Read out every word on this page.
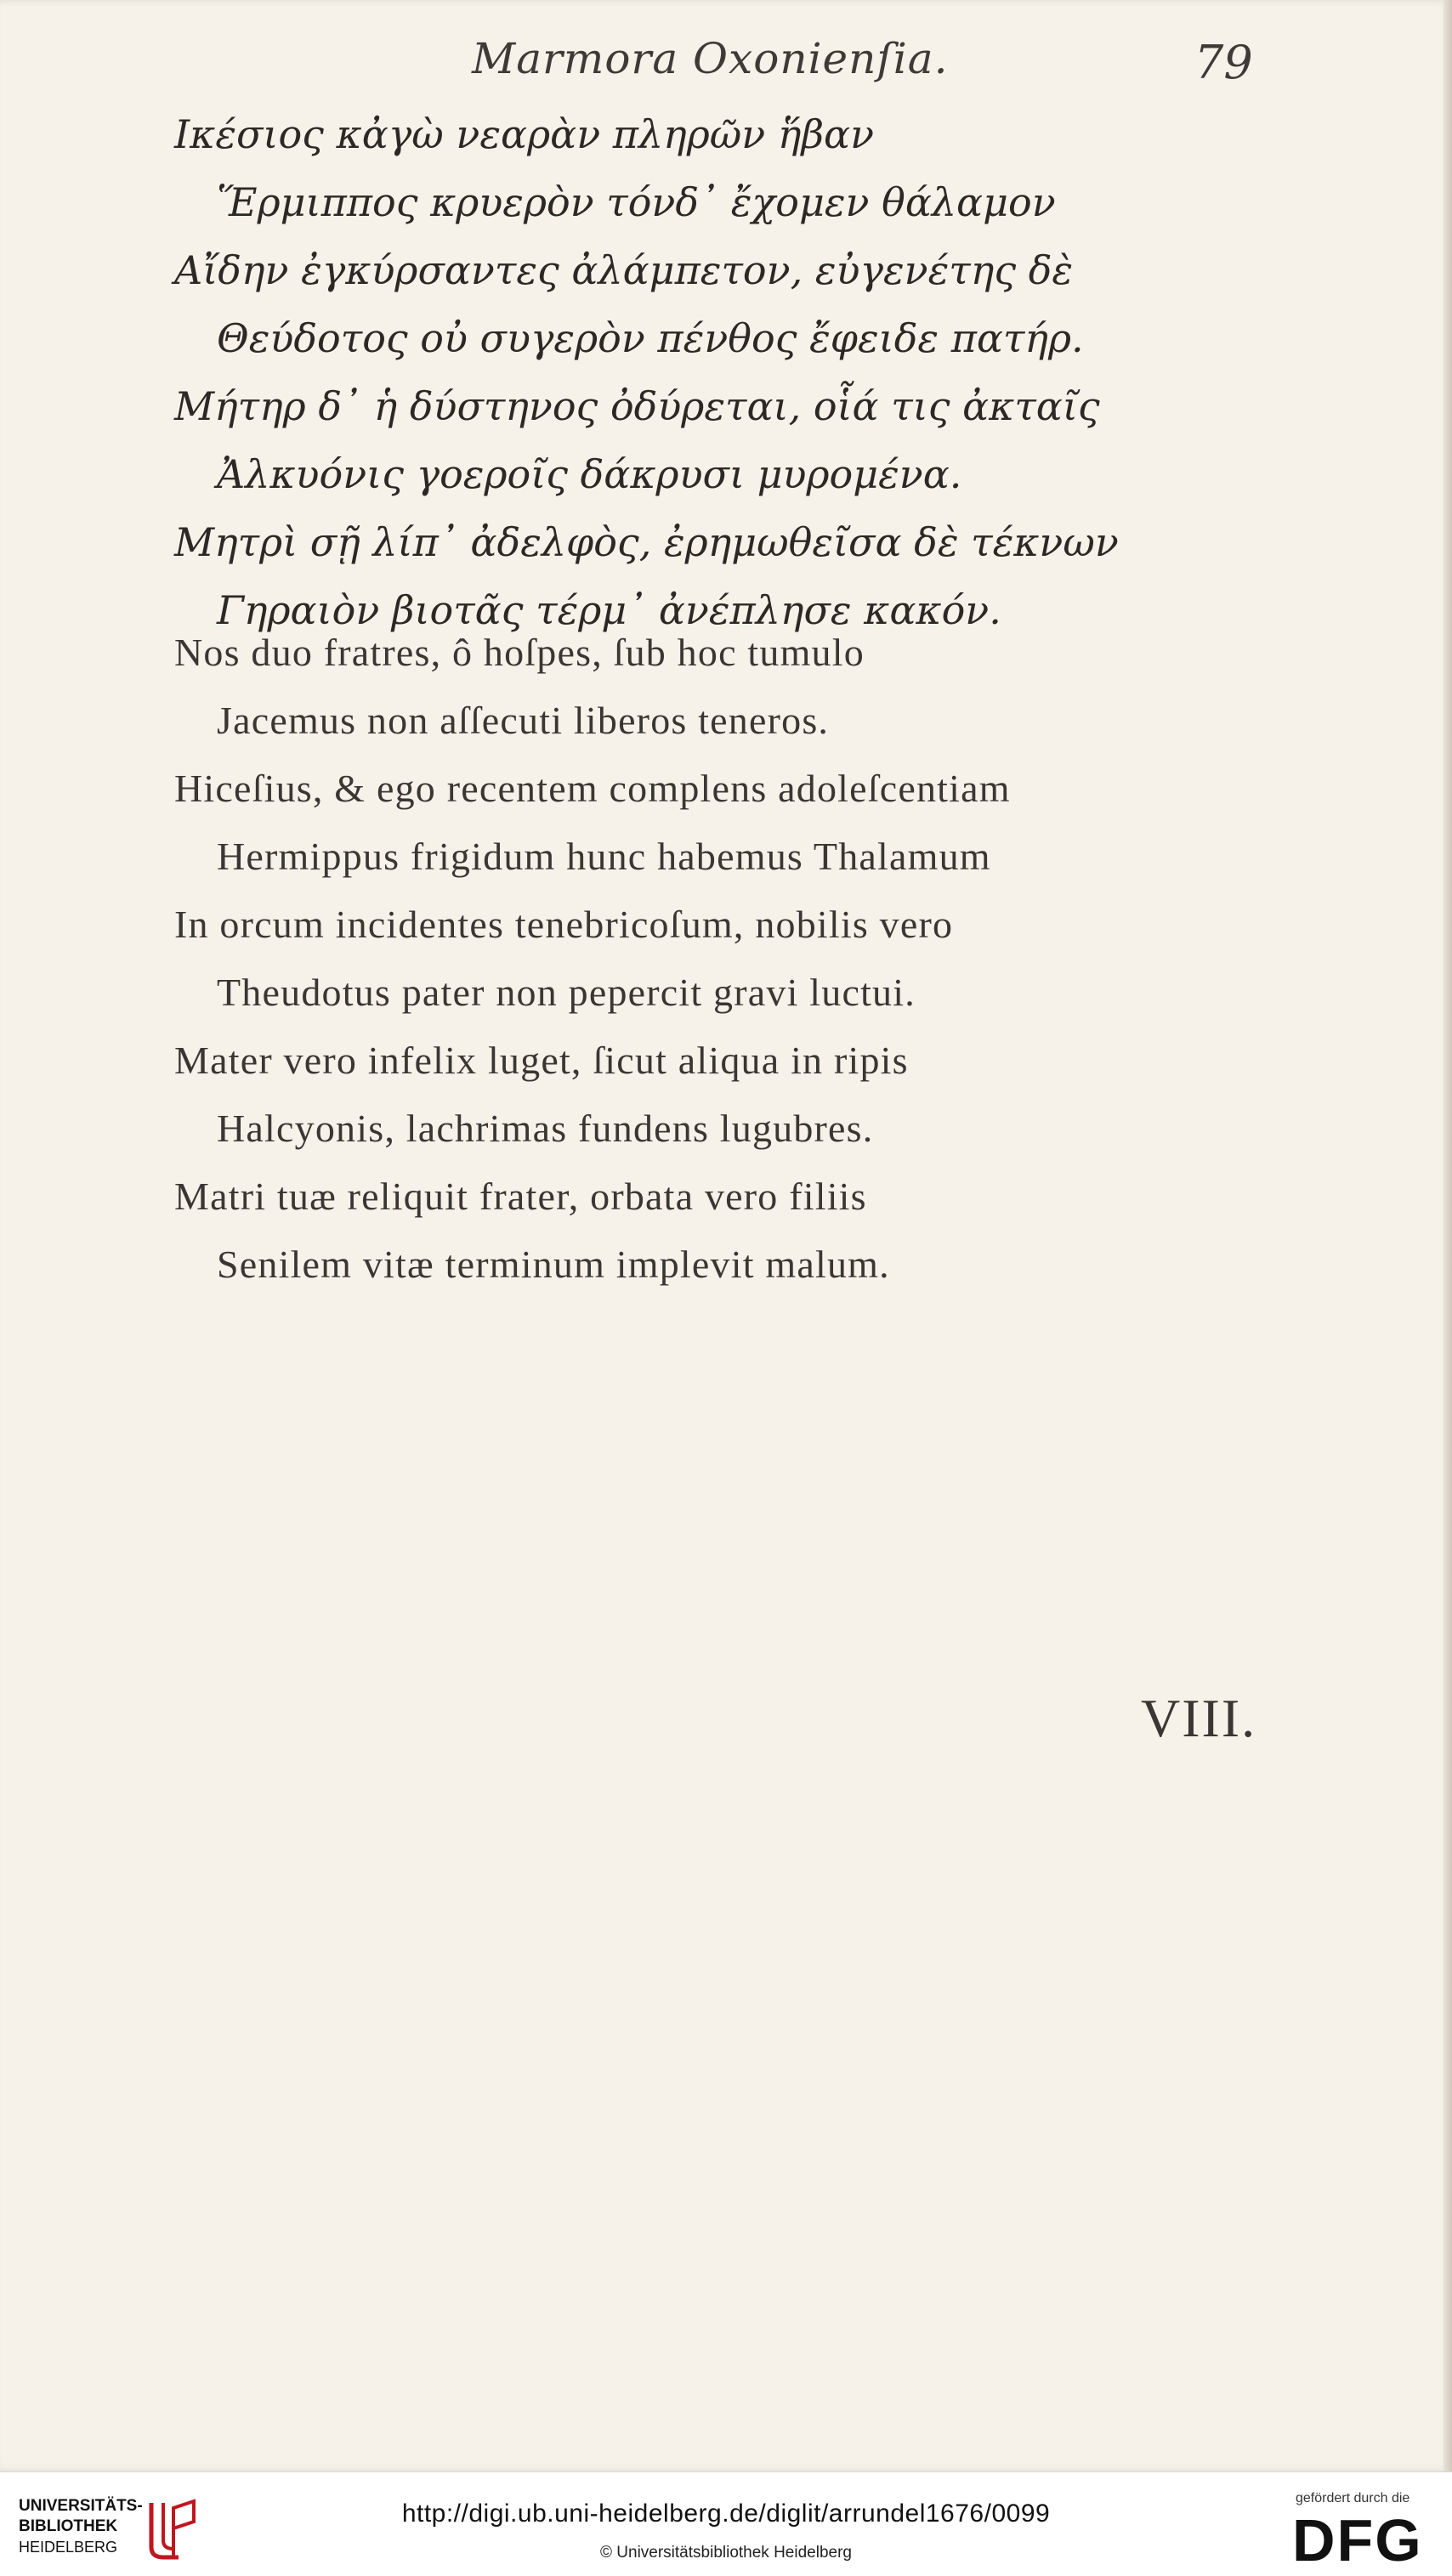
Marmora Oxonienſia.	79
Ικέσιος κἀγὼ νεαρὰν πληρῶν ἥβαν
Ἕρμιππος κρυερὸν τόνδ᾽ ἔχομεν θάλαμον
Αἴδην ἐγκύρσαντες ἀλάμπετον, εὐγενέτης δὲ
Θεύδοτος οὐ συγερὸν πένθος ἔφειδε πατήρ.
Μήτηρ δ᾽ ἡ δύστηνος ὀδύρεται, οἷά τις ἀκταῖς
Ἀλκυόνις γοεροῖς δάκρυσι μυρομένα.
Μητρὶ σῇ λίπ᾽ ἀδελφὸς, ἐρημωθεῖσα δὲ τέκνων
Γηραιὸν βιοτᾶς τέρμ᾽ ἀνέπλησε κακόν.
Nos duo fratres, ô hoſpes, ſub hoc tumulo
Jacemus non aſſecuti liberos teneros.
Hiceſius, & ego recentem complens adoleſcentiam
Hermippus frigidum hunc habemus Thalamum
In orcum incidentes tenebricoſum, nobilis vero
Theudotus pater non pepercit gravi luctui.
Mater vero infelix luget, ſicut aliqua in ripis
Halcyonis, lachrimas fundens lugubres.
Matri tuæ reliquit frater, orbata vero filiis
Senilem vitæ terminum implevit malum.
VIII.
UNIVERSITÄTS-
BIBLIOTHEK
HEIDELBERG
http://digi.ub.uni-heidelberg.de/diglit/arrundel1676/0099
© Universitätsbibliothek Heidelberg
gefördert durch die
DFG
